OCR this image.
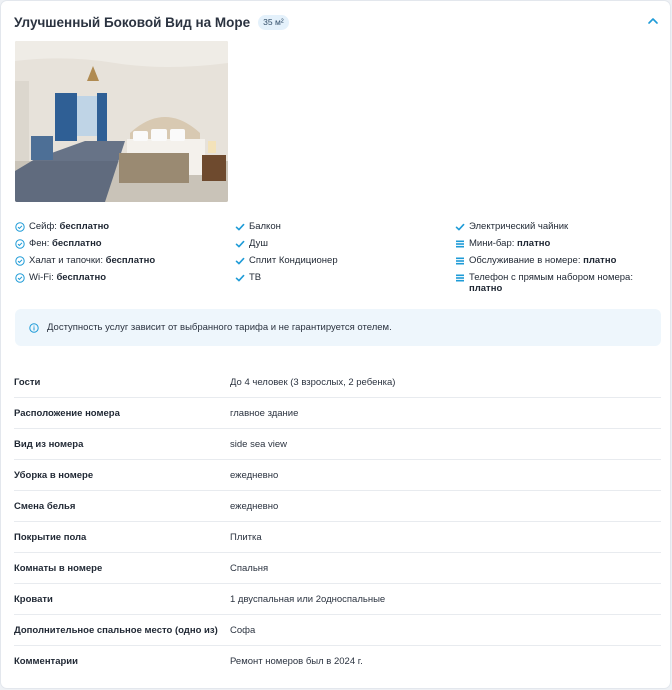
Улучшенный Боковой Вид на Море	35 м²
Сейф: бесплатно
Фен: бесплатно
Халат и тапочки: бесплатно
Wi-Fi: бесплатно
Балкон
Душ
Сплит Кондиционер
ТВ
Электрический чайник
Мини-бар: платно
Обслуживание в номере: платно
Телефон с прямым набором номера: платно
Доступность услуг зависит от выбранного тарифа и не гарантируется отелем.
Гости	До 4 человек (3 взрослых, 2 ребенка)
Расположение номера	главное здание
Вид из номера	side sea view
Уборка в номере	ежедневно
Смена белья	ежедневно
Покрытие пола	Плитка
Комнаты в номере	Спальня
Кровати	1 двуспальная или 2односпальные
Дополнительное спальное место (одно из)	Софа
Комментарии	Ремонт номеров был в 2024 г.
